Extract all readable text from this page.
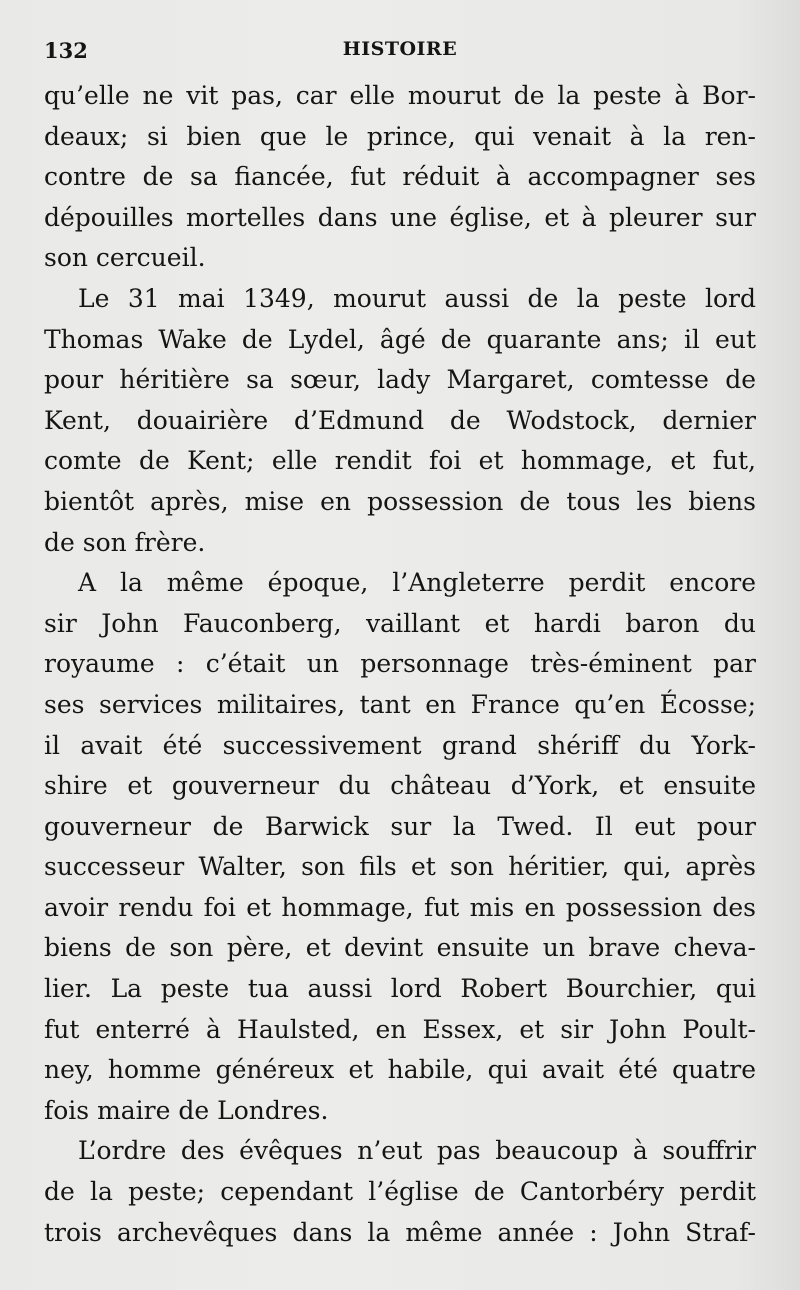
132	HISTOIRE
qu’elle ne vit pas, car elle mourut de la peste à Bor-
deaux; si bien que le prince, qui venait à la ren-
contre de sa fiancée, fut réduit à accompagner ses
dépouilles mortelles dans une église, et à pleurer sur
son cercueil.
Le 31 mai 1349, mourut aussi de la peste lord
Thomas Wake de Lydel, âgé de quarante ans; il eut
pour héritière sa sœur, lady Margaret, comtesse de
Kent, douairière d’Edmund de Wodstock, dernier
comte de Kent; elle rendit foi et hommage, et fut,
bientôt après, mise en possession de tous les biens
de son frère.
A la même époque, l’Angleterre perdit encore
sir John Fauconberg, vaillant et hardi baron du
royaume : c’était un personnage très-éminent par
ses services militaires, tant en France qu’en Écosse;
il avait été successivement grand shériff du York-
shire et gouverneur du château d’York, et ensuite
gouverneur de Barwick sur la Twed. Il eut pour
successeur Walter, son fils et son héritier, qui, après
avoir rendu foi et hommage, fut mis en possession des
biens de son père, et devint ensuite un brave cheva-
lier. La peste tua aussi lord Robert Bourchier, qui
fut enterré à Haulsted, en Essex, et sir John Poult-
ney, homme généreux et habile, qui avait été quatre
fois maire de Londres.
L’ordre des évêques n’eut pas beaucoup à souffrir
de la peste; cependant l’église de Cantorbéry perdit
trois archevêques dans la même année : John Straf-
